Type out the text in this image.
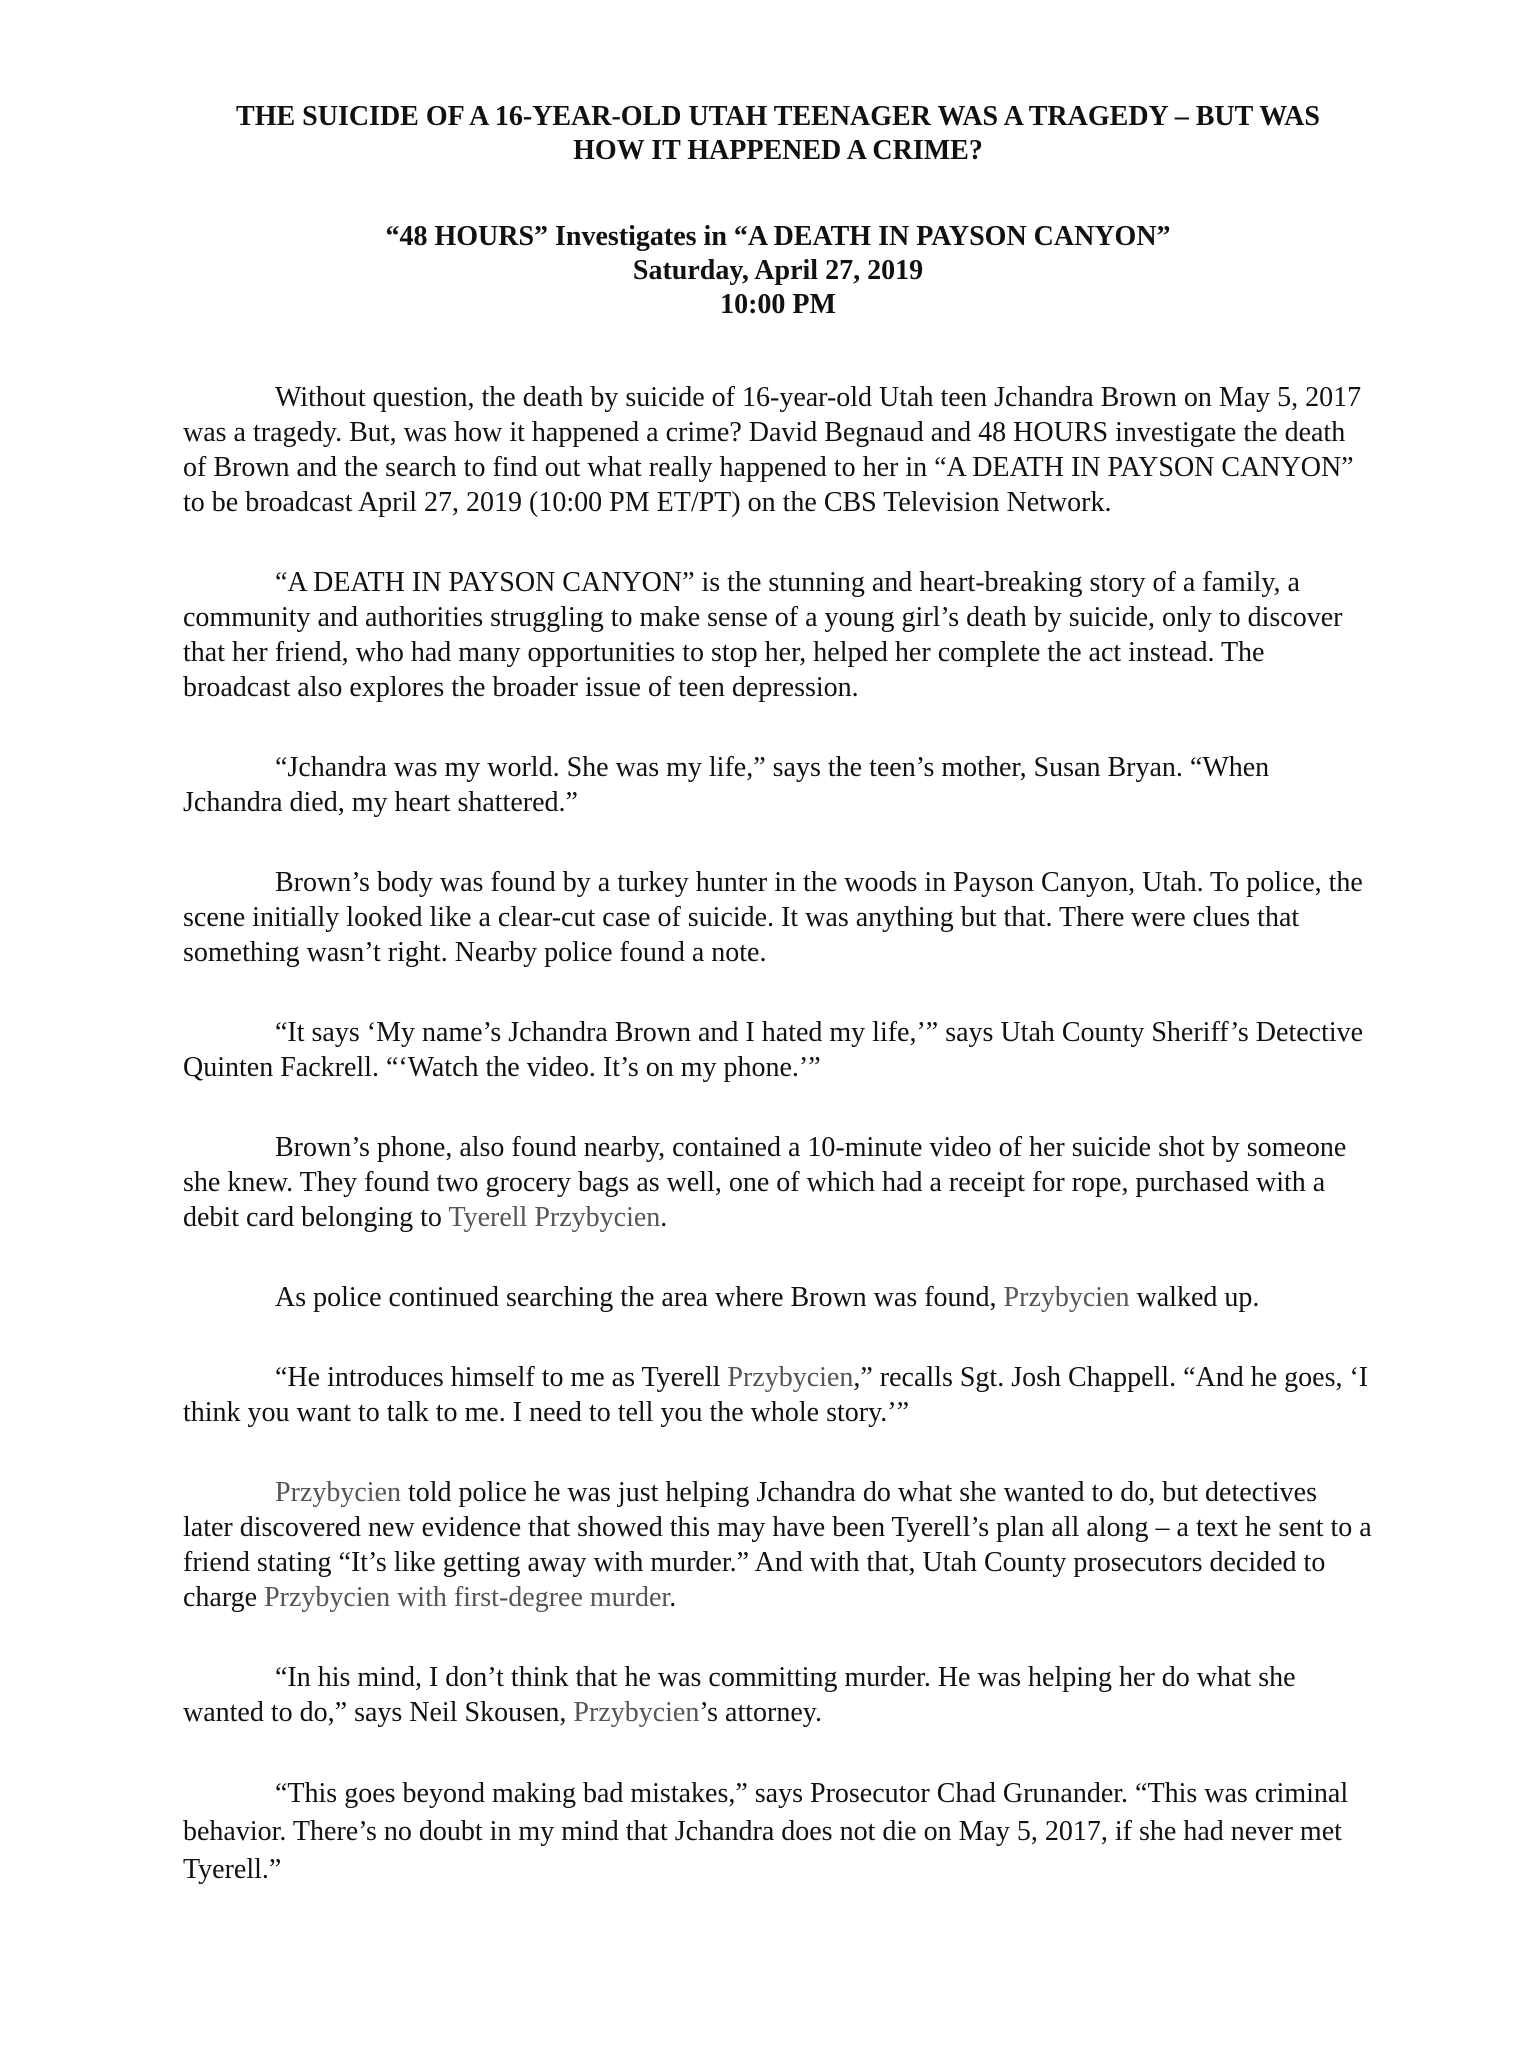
THE SUICIDE OF A 16-YEAR-OLD UTAH TEENAGER WAS A TRAGEDY – BUT WAS
HOW IT HAPPENED A CRIME?
“48 HOURS” Investigates in “A DEATH IN PAYSON CANYON”
Saturday, April 27, 2019
10:00 PM

Without question, the death by suicide of 16-year-old Utah teen Jchandra Brown on May 5, 2017 was a tragedy. But, was how it happened a crime? David Begnaud and 48 HOURS investigate the death of Brown and the search to find out what really happened to her in “A DEATH IN PAYSON CANYON” to be broadcast April 27, 2019 (10:00 PM ET/PT) on the CBS Television Network.

“A DEATH IN PAYSON CANYON” is the stunning and heart-breaking story of a family, a community and authorities struggling to make sense of a young girl’s death by suicide, only to discover that her friend, who had many opportunities to stop her, helped her complete the act instead. The broadcast also explores the broader issue of teen depression.

“Jchandra was my world. She was my life,” says the teen’s mother, Susan Bryan. “When Jchandra died, my heart shattered.”

Brown’s body was found by a turkey hunter in the woods in Payson Canyon, Utah. To police, the scene initially looked like a clear-cut case of suicide. It was anything but that. There were clues that something wasn’t right. Nearby police found a note.

“It says ‘My name’s Jchandra Brown and I hated my life,’” says Utah County Sheriff’s Detective Quinten Fackrell. “‘Watch the video. It’s on my phone.’”

Brown’s phone, also found nearby, contained a 10-minute video of her suicide shot by someone she knew. They found two grocery bags as well, one of which had a receipt for rope, purchased with a debit card belonging to Tyerell Przybycien.

As police continued searching the area where Brown was found, Przybycien walked up.

“He introduces himself to me as Tyerell Przybycien,” recalls Sgt. Josh Chappell. “And he goes, ‘I think you want to talk to me. I need to tell you the whole story.’”

Przybycien told police he was just helping Jchandra do what she wanted to do, but detectives later discovered new evidence that showed this may have been Tyerell’s plan all along – a text he sent to a friend stating “It’s like getting away with murder.” And with that, Utah County prosecutors decided to charge Przybycien with first-degree murder.

“In his mind, I don’t think that he was committing murder. He was helping her do what she wanted to do,” says Neil Skousen, Przybycien’s attorney.

“This goes beyond making bad mistakes,” says Prosecutor Chad Grunander. “This was criminal behavior. There’s no doubt in my mind that Jchandra does not die on May 5, 2017, if she had never met Tyerell.”
